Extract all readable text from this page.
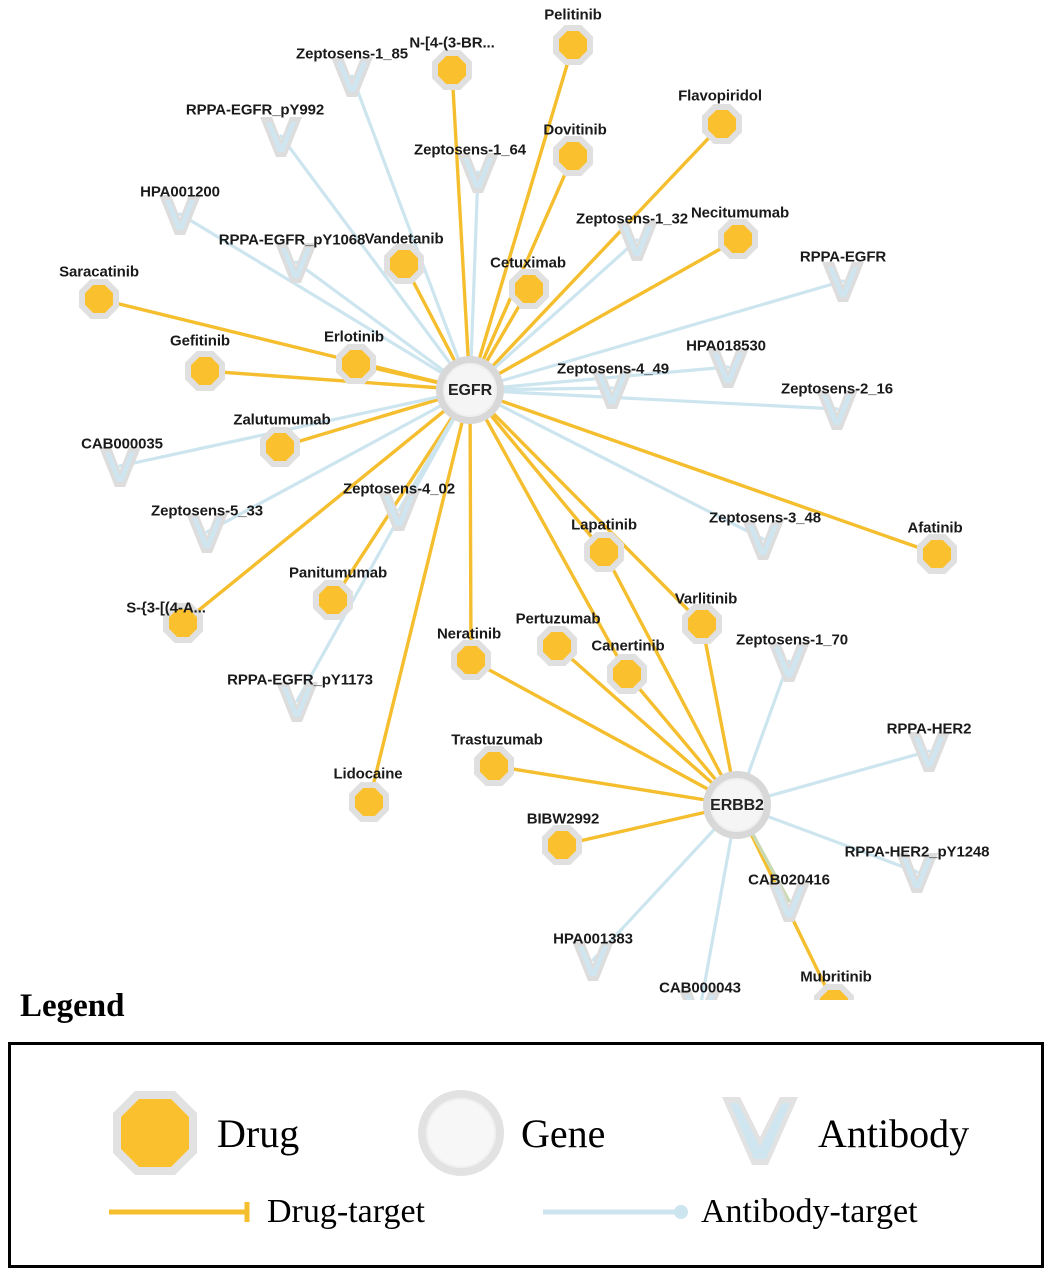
Pelitinib
N-[4-(3-BR...
Flavopiridol
Dovitinib
Necitumumab
Vandetanib
Cetuximab
Saracatinib
Gefitinib	Erlotinib
Zalutumumab
Afatinib
Lapatinib
Varlitinib
Panitumumab
S-{3-[(4-A...
Pertuzumab
Canertinib
Neratinib
Trastuzumab
Lidocaine
BIBW2992
Mubritinib
Zeptosens-1_85
RPPA-EGFR_pY992
Zeptosens-1_64
HPA001200
Zeptosens-1_32
RPPA-EGFR_pY1068
RPPA-EGFR
HPA018530
Zeptosens-4_49
Zeptosens-2_16
CAB000035
Zeptosens-4_02
Zeptosens-5_33	Zeptosens-3_48
RPPA-EGFR_pY1173
Zeptosens-1_70
RPPA-HER2
RPPA-HER2_pY1248
CAB020416
HPA001383
CAB000043
EGFR
ERBB2
Legend
Drug	Gene	Antibody
Drug-target	Antibody-target
